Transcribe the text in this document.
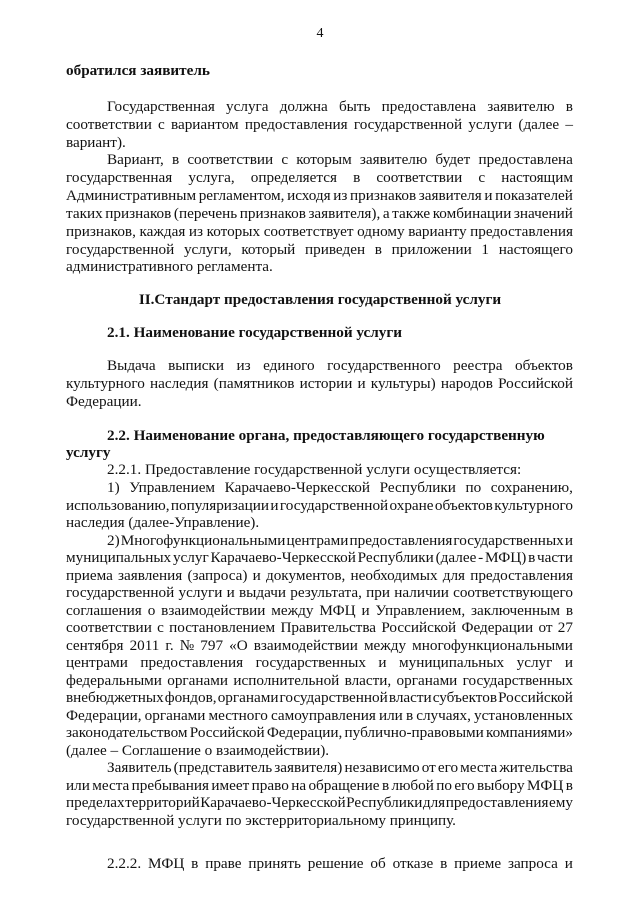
4
обратился заявитель
Государственная услуга должна быть предоставлена заявителю в
соответствии с вариантом предоставления государственной услуги (далее –
вариант).
Вариант, в соответствии с которым заявителю будет предоставлена
государственная услуга, определяется в соответствии с настоящим
Административным регламентом, исходя из признаков заявителя и показателей
таких признаков (перечень признаков заявителя), а также комбинации значений
признаков, каждая из которых соответствует одному варианту предоставления
государственной услуги, который приведен в приложении 1 настоящего
административного регламента.
II.Стандарт предоставления государственной услуги
2.1. Наименование государственной услуги
Выдача выписки из единого государственного реестра объектов
культурного наследия (памятников истории и культуры) народов Российской
Федерации.
2.2. Наименование органа, предоставляющего государственную
услугу
2.2.1. Предоставление государственной услуги осуществляется:
1) Управлением Карачаево-Черкесской Республики по сохранению,
использованию, популяризации и государственной охране объектов культурного
наследия (далее-Управление).
2) Многофункциональными центрами предоставления государственных и
муниципальных услуг Карачаево-Черкесской Республики (далее - МФЦ) в части
приема заявления (запроса) и документов, необходимых для предоставления
государственной услуги и выдачи результата, при наличии соответствующего
соглашения о взаимодействии между МФЦ и Управлением, заключенным в
соответствии с постановлением Правительства Российской Федерации от 27
сентября 2011 г. № 797 «О взаимодействии между многофункциональными
центрами предоставления государственных и муниципальных услуг и
федеральными органами исполнительной власти, органами государственных
внебюджетных фондов, органами государственной власти субъектов Российской
Федерации, органами местного самоуправления или в случаях, установленных
законодательством Российской Федерации, публично-правовыми компаниями»
(далее – Соглашение о взаимодействии).
Заявитель (представитель заявителя) независимо от его места жительства
или места пребывания имеет право на обращение в любой по его выбору МФЦ в
пределах территорий Карачаево-Черкесской Республики для предоставления ему
государственной услуги по экстерриториальному принципу.
2.2.2. МФЦ в праве принять решение об отказе в приеме запроса и
